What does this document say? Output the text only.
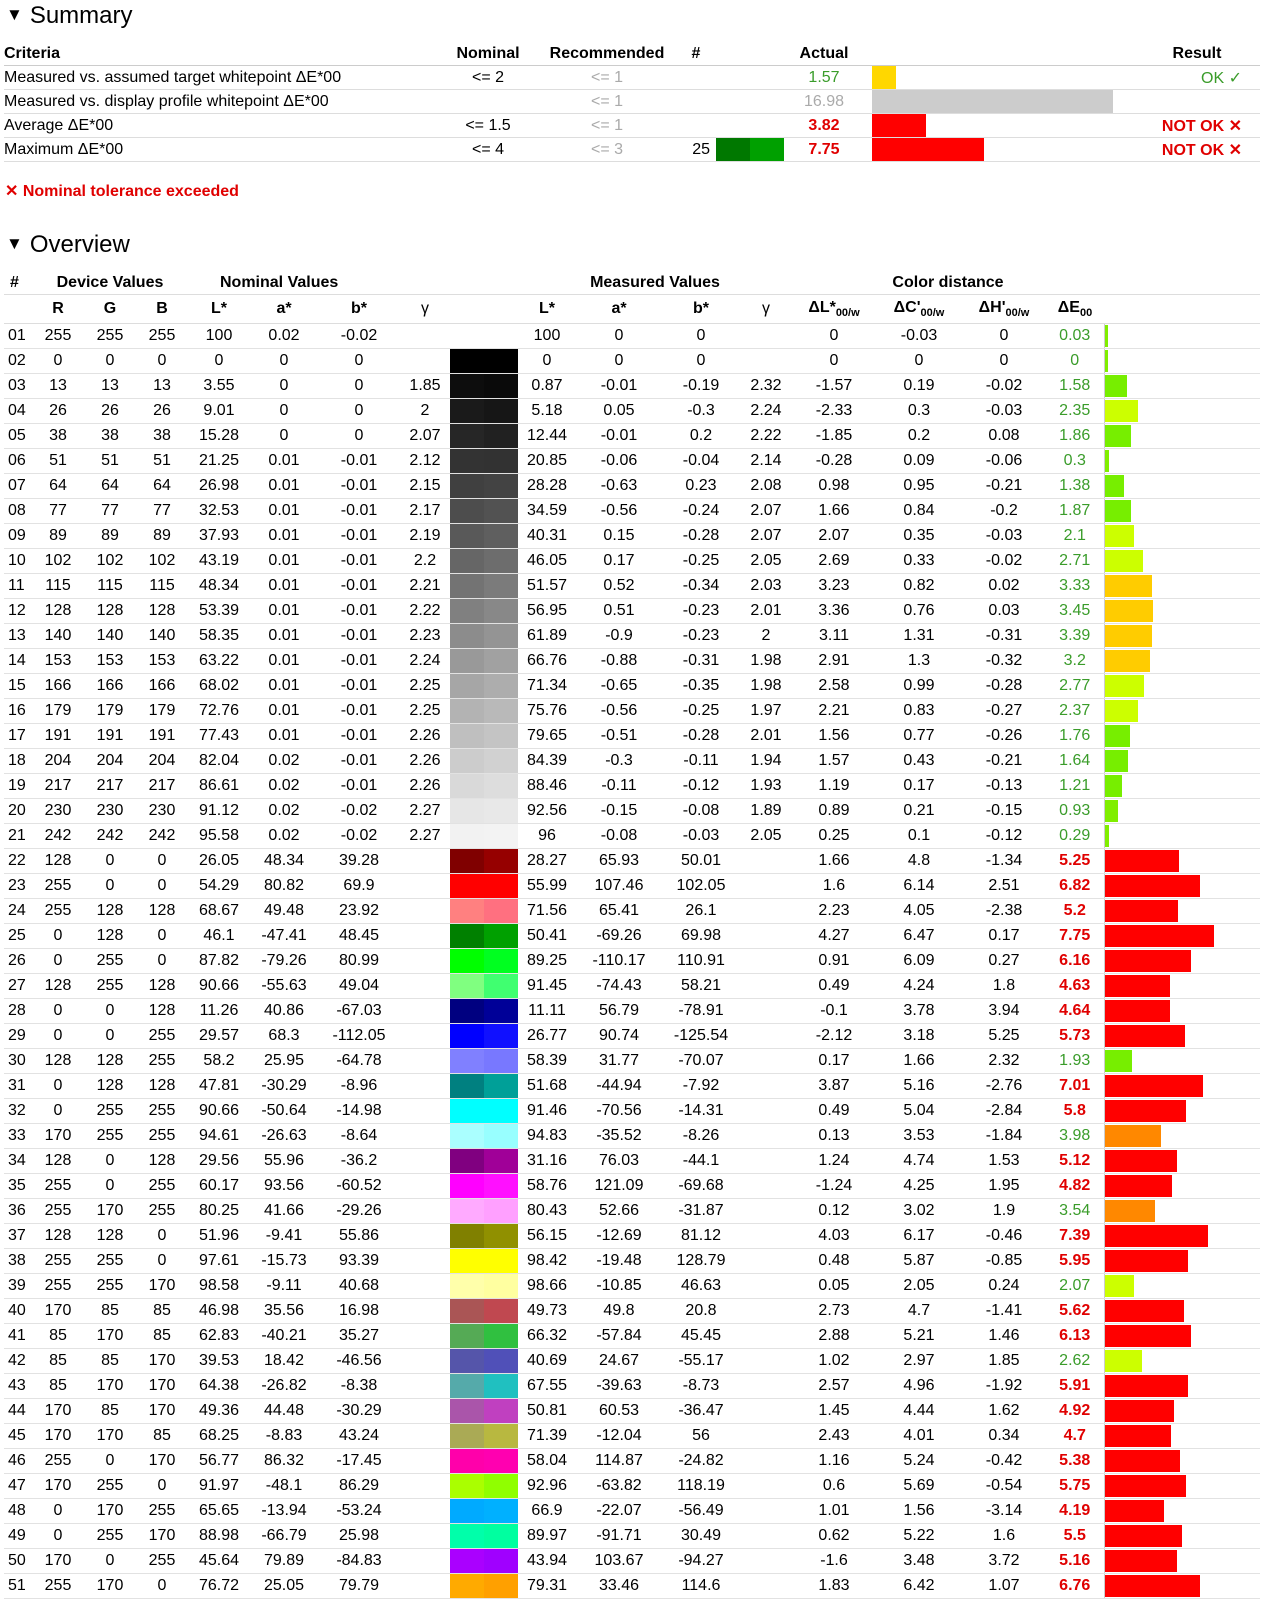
▼ Summary
Criteria	Nominal	Recommended	#		Actual		Result
Measured vs. assumed target whitepoint ΔE*00	<= 2	<= 1			1.57		OK ✓
Measured vs. display profile whitepoint ΔE*00		<= 1			16.98	

Average ΔE*00	<= 1.5	<= 1			3.82		NOT OK ✕
Maximum ΔE*00	<= 4	<= 3	25		7.75		NOT OK ✕
✕ Nominal tolerance exceeded
▼ Overview
#	Device Values			Nominal Values					Measured Values				Color distance				
	R	G	B	L*	a*	b*	γ		L*	a*	b*	γ	$\Delta L*_{00/w}$	$\Delta C'_{00/w}$	$\Delta H'_{00/w}$	$\Delta E_{00}$	
01	255	255	255	100	0.02	-0.02			100	0	0		0	-0.03	0	0.03	

02	0	0	0	0	0	0			0	0	0		0	0	0	0	

03	13	13	13	3.55	0	0	1.85		0.87	-0.01	-0.19	2.32	-1.57	0.19	-0.02	1.58	

04	26	26	26	9.01	0	0	2		5.18	0.05	-0.3	2.24	-2.33	0.3	-0.03	2.35	

05	38	38	38	15.28	0	0	2.07		12.44	-0.01	0.2	2.22	-1.85	0.2	0.08	1.86	

06	51	51	51	21.25	0.01	-0.01	2.12		20.85	-0.06	-0.04	2.14	-0.28	0.09	-0.06	0.3	

07	64	64	64	26.98	0.01	-0.01	2.15		28.28	-0.63	0.23	2.08	0.98	0.95	-0.21	1.38	

08	77	77	77	32.53	0.01	-0.01	2.17		34.59	-0.56	-0.24	2.07	1.66	0.84	-0.2	1.87	

09	89	89	89	37.93	0.01	-0.01	2.19		40.31	0.15	-0.28	2.07	2.07	0.35	-0.03	2.1	

10	102	102	102	43.19	0.01	-0.01	2.2		46.05	0.17	-0.25	2.05	2.69	0.33	-0.02	2.71	

11	115	115	115	48.34	0.01	-0.01	2.21		51.57	0.52	-0.34	2.03	3.23	0.82	0.02	3.33	

12	128	128	128	53.39	0.01	-0.01	2.22		56.95	0.51	-0.23	2.01	3.36	0.76	0.03	3.45	

13	140	140	140	58.35	0.01	-0.01	2.23		61.89	-0.9	-0.23	2	3.11	1.31	-0.31	3.39	

14	153	153	153	63.22	0.01	-0.01	2.24		66.76	-0.88	-0.31	1.98	2.91	1.3	-0.32	3.2	

15	166	166	166	68.02	0.01	-0.01	2.25		71.34	-0.65	-0.35	1.98	2.58	0.99	-0.28	2.77	

16	179	179	179	72.76	0.01	-0.01	2.25		75.76	-0.56	-0.25	1.97	2.21	0.83	-0.27	2.37	

17	191	191	191	77.43	0.01	-0.01	2.26		79.65	-0.51	-0.28	2.01	1.56	0.77	-0.26	1.76	

18	204	204	204	82.04	0.02	-0.01	2.26		84.39	-0.3	-0.11	1.94	1.57	0.43	-0.21	1.64	

19	217	217	217	86.61	0.02	-0.01	2.26		88.46	-0.11	-0.12	1.93	1.19	0.17	-0.13	1.21	

20	230	230	230	91.12	0.02	-0.02	2.27		92.56	-0.15	-0.08	1.89	0.89	0.21	-0.15	0.93	

21	242	242	242	95.58	0.02	-0.02	2.27		96	-0.08	-0.03	2.05	0.25	0.1	-0.12	0.29	

22	128	0	0	26.05	48.34	39.28			28.27	65.93	50.01		1.66	4.8	-1.34	5.25	

23	255	0	0	54.29	80.82	69.9			55.99	107.46	102.05		1.6	6.14	2.51	6.82	

24	255	128	128	68.67	49.48	23.92			71.56	65.41	26.1		2.23	4.05	-2.38	5.2	

25	0	128	0	46.1	-47.41	48.45			50.41	-69.26	69.98		4.27	6.47	0.17	7.75	

26	0	255	0	87.82	-79.26	80.99			89.25	-110.17	110.91		0.91	6.09	0.27	6.16	

27	128	255	128	90.66	-55.63	49.04			91.45	-74.43	58.21		0.49	4.24	1.8	4.63	

28	0	0	128	11.26	40.86	-67.03			11.11	56.79	-78.91		-0.1	3.78	3.94	4.64	

29	0	0	255	29.57	68.3	-112.05			26.77	90.74	-125.54		-2.12	3.18	5.25	5.73	

30	128	128	255	58.2	25.95	-64.78			58.39	31.77	-70.07		0.17	1.66	2.32	1.93	

31	0	128	128	47.81	-30.29	-8.96			51.68	-44.94	-7.92		3.87	5.16	-2.76	7.01	

32	0	255	255	90.66	-50.64	-14.98			91.46	-70.56	-14.31		0.49	5.04	-2.84	5.8	

33	170	255	255	94.61	-26.63	-8.64			94.83	-35.52	-8.26		0.13	3.53	-1.84	3.98	

34	128	0	128	29.56	55.96	-36.2			31.16	76.03	-44.1		1.24	4.74	1.53	5.12	

35	255	0	255	60.17	93.56	-60.52			58.76	121.09	-69.68		-1.24	4.25	1.95	4.82	

36	255	170	255	80.25	41.66	-29.26			80.43	52.66	-31.87		0.12	3.02	1.9	3.54	

37	128	128	0	51.96	-9.41	55.86			56.15	-12.69	81.12		4.03	6.17	-0.46	7.39	

38	255	255	0	97.61	-15.73	93.39			98.42	-19.48	128.79		0.48	5.87	-0.85	5.95	

39	255	255	170	98.58	-9.11	40.68			98.66	-10.85	46.63		0.05	2.05	0.24	2.07	

40	170	85	85	46.98	35.56	16.98			49.73	49.8	20.8		2.73	4.7	-1.41	5.62	

41	85	170	85	62.83	-40.21	35.27			66.32	-57.84	45.45		2.88	5.21	1.46	6.13	

42	85	85	170	39.53	18.42	-46.56			40.69	24.67	-55.17		1.02	2.97	1.85	2.62	

43	85	170	170	64.38	-26.82	-8.38			67.55	-39.63	-8.73		2.57	4.96	-1.92	5.91	

44	170	85	170	49.36	44.48	-30.29			50.81	60.53	-36.47		1.45	4.44	1.62	4.92	

45	170	170	85	68.25	-8.83	43.24			71.39	-12.04	56		2.43	4.01	0.34	4.7	

46	255	0	170	56.77	86.32	-17.45			58.04	114.87	-24.82		1.16	5.24	-0.42	5.38	

47	170	255	0	91.97	-48.1	86.29			92.96	-63.82	118.19		0.6	5.69	-0.54	5.75	

48	0	170	255	65.65	-13.94	-53.24			66.9	-22.07	-56.49		1.01	1.56	-3.14	4.19	

49	0	255	170	88.98	-66.79	25.98			89.97	-91.71	30.49		0.62	5.22	1.6	5.5	

50	170	0	255	45.64	79.89	-84.83			43.94	103.67	-94.27		-1.6	3.48	3.72	5.16	

51	255	170	0	76.72	25.05	79.79			79.31	33.46	114.6		1.83	6.42	1.07	6.76	
